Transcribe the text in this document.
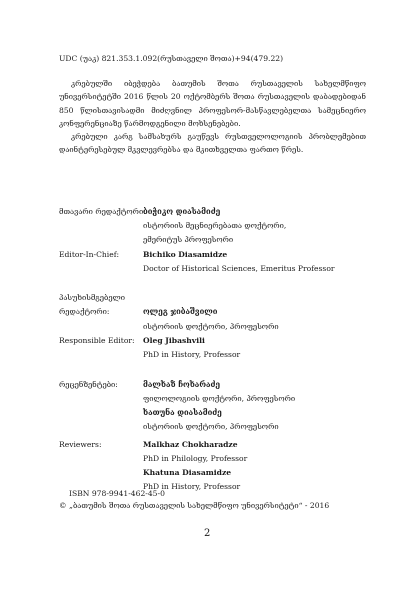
UDC (უაკ) 821.353.1.092(რუსთაველი შოთა)+94(479.22)

კრებულში იბეჭდება ბათუმის შოთა რუსთაველის სახელმწიფო უნივერსიტეტში 2016 წლის 20 ოქტომბერს შოთა რუსთაველის დაბადებიდან 850 წლისთავისადმი მიძღვნილ პროფესორ-მასწავლებელთა სამეცნიერო კონფერენციაზე წარმოდგენილი მოხსენებები.

კრებული კარგ სამსახურს გაუწევს რუსთველოლოგიის პრობლემებით დაინტერესებულ მკვლევრებსა და მკითხველთა ფართო წრეს.

მთავარი რედაქტორი:
ბიჭიკო დიასამიძე
ისტორიის მეცნიერებათა დოქტორი,
ემერიტუს პროფესორი
Editor-In-Chief:	Bichiko Diasamidze
Doctor of Historical Sciences, Emeritus Professor
პასუხისმგებელი
რედაქტორი:	ოლეგ ჯიბაშვილი
ისტორიის დოქტორი, პროფესორი
Responsible Editor: Oleg Jibashvili
PhD in History, Professor
რეცენზენტები:	მალხაზ ჩოხარაძე
ფილოლოგიის დოქტორი, პროფესორი
ხათუნა დიასამიძე
ისტორიის დოქტორი, პროფესორი
Reviewers:	Malkhaz Chokharadze
PhD in Philology, Professor
Khatuna Diasamidze
PhD in History, Professor
ISBN 978-9941-462-45-0
© „ბათუმის შოთა რუსთაველის სახელმწიფო უნივერსიტეტი“ - 2016
2
